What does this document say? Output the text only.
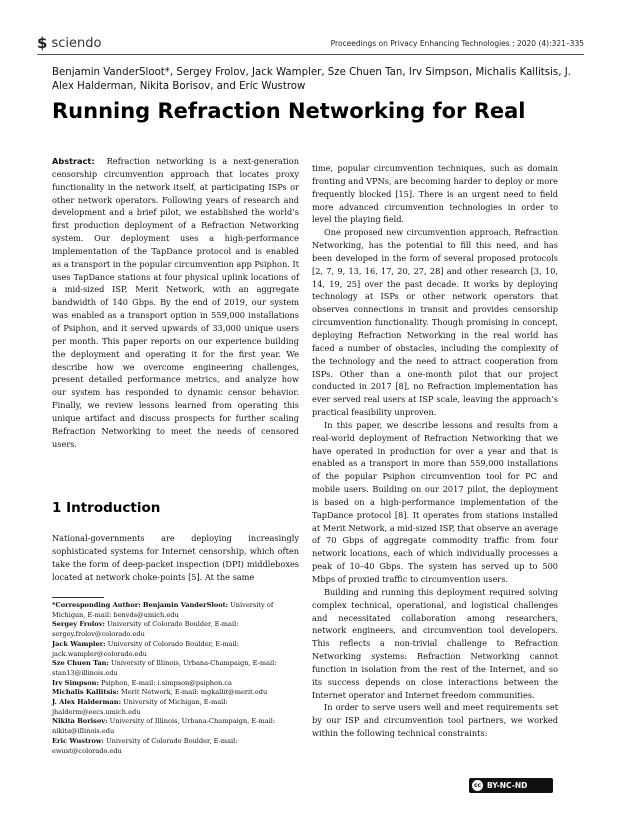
$ sciendo	Proceedings on Privacy Enhancing Technologies ; 2020 (4):321–335
Benjamin VanderSloot*, Sergey Frolov, Jack Wampler, Sze Chuen Tan, Irv Simpson, Michalis Kallitsis, J. Alex Halderman, Nikita Borisov, and Eric Wustrow
Running Refraction Networking for Real

Abstract: Refraction networking is a next-generation censorship circumvention approach that locates proxy functionality in the network itself, at participating ISPs or other network operators. Following years of research and development and a brief pilot, we established the world’s first production deployment of a Refraction Networking system. Our deployment uses a high-performance implementation of the TapDance protocol and is enabled as a transport in the popular circumvention app Psiphon. It uses TapDance stations at four physical uplink locations of a mid-sized ISP, Merit Network, with an aggregate bandwidth of 140 Gbps. By the end of 2019, our system was enabled as a transport option in 559,000 installations of Psiphon, and it served upwards of 33,000 unique users per month. This paper reports on our experience building the deployment and operating it for the first year. We describe how we overcome engineering challenges, present detailed performance metrics, and analyze how our system has responded to dynamic censor behavior. Finally, we review lessons learned from operating this unique artifact and discuss prospects for further scaling Refraction Networking to meet the needs of censored users.

1 Introduction

National-governments are deploying increasingly sophisticated systems for Internet censorship, which often take the form of deep-packet inspection (DPI) middleboxes located at network choke-points [5]. At the same

*Corresponding Author: Benjamin VanderSloot: University of Michigan, E-mail: benvds@umich.edu

Sergey Frolov: University of Colorado Boulder, E-mail: sergey.frolov@colorado.edu

Jack Wampler: University of Colorado Boulder, E-mail: jack.wampler@colorado.edu

Sze Chuen Tan: University of Illinois, Urbana-Champaign, E-mail: stan13@illinois.edu

Irv Simpson: Psiphon, E-mail: i.simpson@psiphon.ca

Michalis Kallitsis: Merit Network, E-mail: mgkallit@merit.edu

J. Alex Halderman: University of Michigan, E-mail: jhalderm@eecs.umich.edu

Nikita Borisov: University of Illinois, Urbana-Champaign, E-mail: nikita@illinois.edu

Eric Wustrow: University of Colorado Boulder, E-mail: ewust@colorado.edu

time, popular circumvention techniques, such as domain fronting and VPNs, are becoming harder to deploy or more frequently blocked [15]. There is an urgent need to field more advanced circumvention technologies in order to level the playing field.

One proposed new circumvention approach, Refraction Networking, has the potential to fill this need, and has been developed in the form of several proposed protocols [2, 7, 9, 13, 16, 17, 20, 27, 28] and other research [3, 10, 14, 19, 25] over the past decade. It works by deploying technology at ISPs or other network operators that observes connections in transit and provides censorship circumvention functionality. Though promising in concept, deploying Refraction Networking in the real world has faced a number of obstacles, including the complexity of the technology and the need to attract cooperation from ISPs. Other than a one-month pilot that our project conducted in 2017 [8], no Refraction implementation has ever served real users at ISP scale, leaving the approach’s practical feasibility unproven.

In this paper, we describe lessons and results from a real-world deployment of Refraction Networking that we have operated in production for over a year and that is enabled as a transport in more than 559,000 installations of the popular Psiphon circumvention tool for PC and mobile users. Building on our 2017 pilot, the deployment is based on a high-performance implementation of the TapDance protocol [8]. It operates from stations installed at Merit Network, a mid-sized ISP, that observe an average of 70 Gbps of aggregate commodity traffic from four network locations, each of which individually processes a peak of 10–40 Gbps. The system has served up to 500 Mbps of proxied traffic to circumvention users.

Building and running this deployment required solving complex technical, operational, and logistical challenges and necessitated collaboration among researchers, network engineers, and circumvention tool developers. This reflects a non-trivial challenge to Refraction Networking systems: Refraction Networking cannot function in isolation from the rest of the Internet, and so its success depends on close interactions between the Internet operator and Internet freedom communities.

In order to serve users well and meet requirements set by our ISP and circumvention tool partners, we worked within the following technical constraints:

cc BY-NC-ND
